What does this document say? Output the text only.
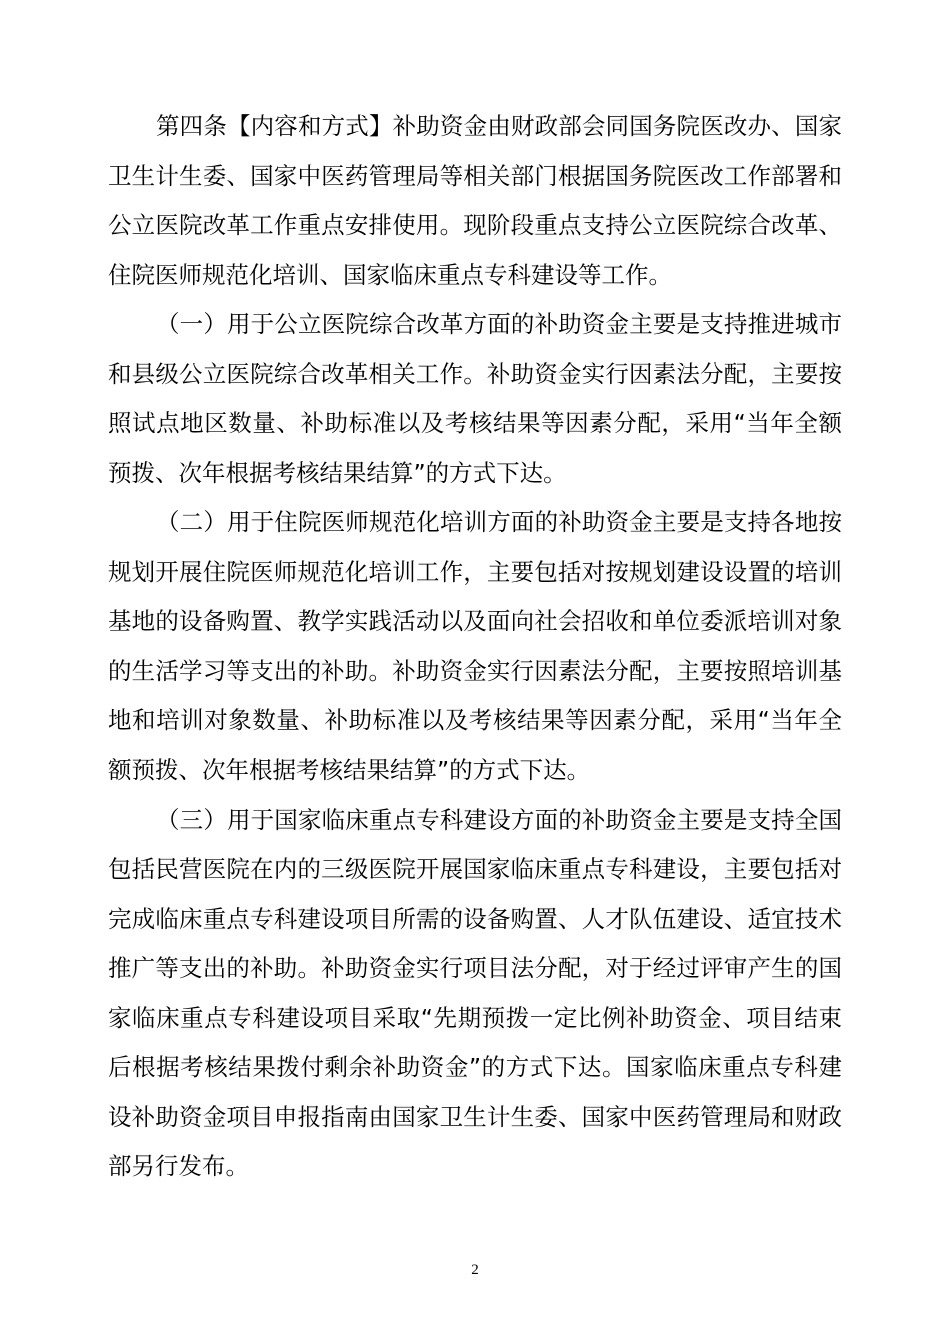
第四条【内容和方式】补助资金由财政部会同国务院医改办、国家
卫生计生委、国家中医药管理局等相关部门根据国务院医改工作部署和
公立医院改革工作重点安排使用。现阶段重点支持公立医院综合改革、
住院医师规范化培训、国家临床重点专科建设等工作。
（一）用于公立医院综合改革方面的补助资金主要是支持推进城市
和县级公立医院综合改革相关工作。补助资金实行因素法分配，主要按
照试点地区数量、补助标准以及考核结果等因素分配，采用“当年全额
预拨、次年根据考核结果结算”的方式下达。
（二）用于住院医师规范化培训方面的补助资金主要是支持各地按
规划开展住院医师规范化培训工作，主要包括对按规划建设设置的培训
基地的设备购置、教学实践活动以及面向社会招收和单位委派培训对象
的生活学习等支出的补助。补助资金实行因素法分配，主要按照培训基
地和培训对象数量、补助标准以及考核结果等因素分配，采用“当年全
额预拨、次年根据考核结果结算”的方式下达。
（三）用于国家临床重点专科建设方面的补助资金主要是支持全国
包括民营医院在内的三级医院开展国家临床重点专科建设，主要包括对
完成临床重点专科建设项目所需的设备购置、人才队伍建设、适宜技术
推广等支出的补助。补助资金实行项目法分配，对于经过评审产生的国
家临床重点专科建设项目采取“先期预拨一定比例补助资金、项目结束
后根据考核结果拨付剩余补助资金”的方式下达。国家临床重点专科建
设补助资金项目申报指南由国家卫生计生委、国家中医药管理局和财政
部另行发布。
2
